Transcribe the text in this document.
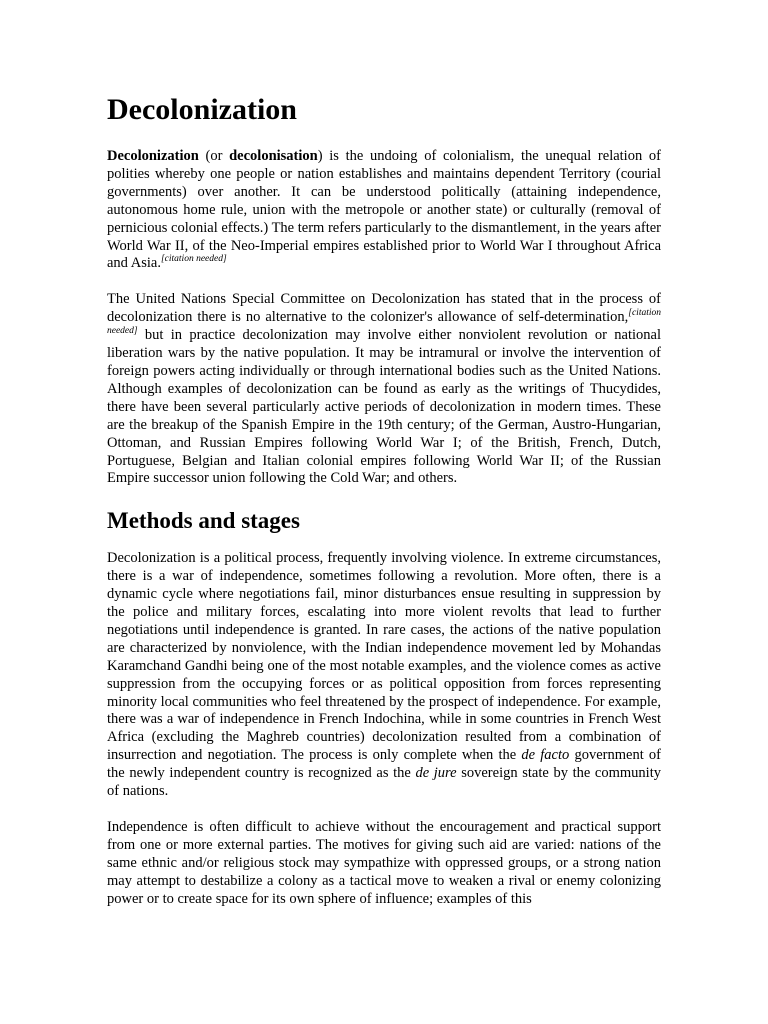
Decolonization

Decolonization (or decolonisation) is the undoing of colonialism, the unequal relation of polities whereby one people or nation establishes and maintains dependent Territory (courial governments) over another. It can be understood politically (attaining independence, autonomous home rule, union with the metropole or another state) or culturally (removal of pernicious colonial effects.) The term refers particularly to the dismantlement, in the years after World War II, of the Neo-Imperial empires established prior to World War I throughout Africa and Asia.[citation needed]

The United Nations Special Committee on Decolonization has stated that in the process of decolonization there is no alternative to the colonizer's allowance of self-determination,[citation needed] but in practice decolonization may involve either nonviolent revolution or national liberation wars by the native population. It may be intramural or involve the intervention of foreign powers acting individually or through international bodies such as the United Nations. Although examples of decolonization can be found as early as the writings of Thucydides, there have been several particularly active periods of decolonization in modern times. These are the breakup of the Spanish Empire in the 19th century; of the German, Austro-Hungarian, Ottoman, and Russian Empires following World War I; of the British, French, Dutch, Portuguese, Belgian and Italian colonial empires following World War II; of the Russian Empire successor union following the Cold War; and others.

Methods and stages

Decolonization is a political process, frequently involving violence. In extreme circumstances, there is a war of independence, sometimes following a revolution. More often, there is a dynamic cycle where negotiations fail, minor disturbances ensue resulting in suppression by the police and military forces, escalating into more violent revolts that lead to further negotiations until independence is granted. In rare cases, the actions of the native population are characterized by nonviolence, with the Indian independence movement led by Mohandas Karamchand Gandhi being one of the most notable examples, and the violence comes as active suppression from the occupying forces or as political opposition from forces representing minority local communities who feel threatened by the prospect of independence. For example, there was a war of independence in French Indochina, while in some countries in French West Africa (excluding the Maghreb countries) decolonization resulted from a combination of insurrection and negotiation. The process is only complete when the de facto government of the newly independent country is recognized as the de jure sovereign state by the community of nations.

Independence is often difficult to achieve without the encouragement and practical support from one or more external parties. The motives for giving such aid are varied: nations of the same ethnic and/or religious stock may sympathize with oppressed groups, or a strong nation may attempt to destabilize a colony as a tactical move to weaken a rival or enemy colonizing power or to create space for its own sphere of influence; examples of this
